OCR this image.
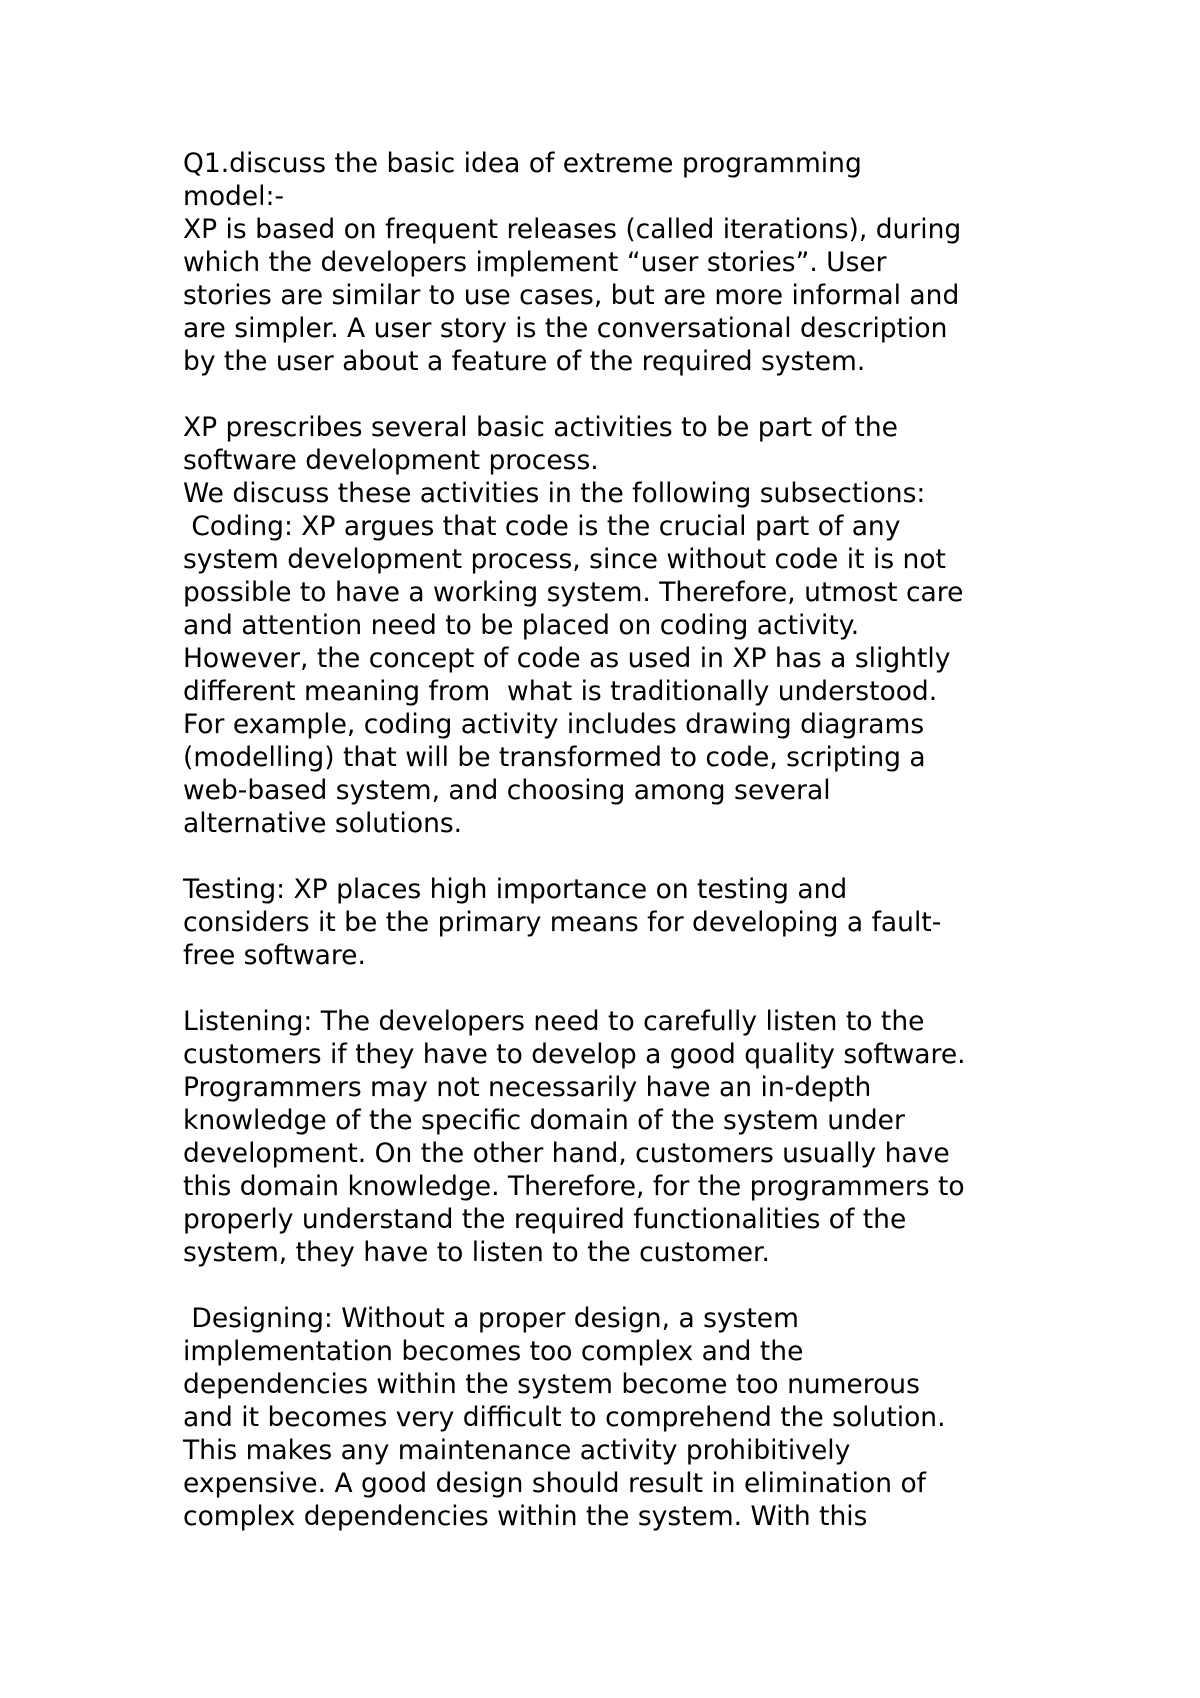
Q1.discuss the basic idea of extreme programming
model:-
XP is based on frequent releases (called iterations), during
which the developers implement “user stories”. User
stories are similar to use cases, but are more informal and
are simpler. A user story is the conversational description
by the user about a feature of the required system.
XP prescribes several basic activities to be part of the
software development process.
We discuss these activities in the following subsections:
Coding: XP argues that code is the crucial part of any
system development process, since without code it is not
possible to have a working system. Therefore, utmost care
and attention need to be placed on coding activity.
However, the concept of code as used in XP has a slightly
different meaning from  what is traditionally understood.
For example, coding activity includes drawing diagrams
(modelling) that will be transformed to code, scripting a
web-based system, and choosing among several
alternative solutions.
Testing: XP places high importance on testing and
considers it be the primary means for developing a fault-
free software.
Listening: The developers need to carefully listen to the
customers if they have to develop a good quality software.
Programmers may not necessarily have an in-depth
knowledge of the specific domain of the system under
development. On the other hand, customers usually have
this domain knowledge. Therefore, for the programmers to
properly understand the required functionalities of the
system, they have to listen to the customer.
Designing: Without a proper design, a system
implementation becomes too complex and the
dependencies within the system become too numerous
and it becomes very difficult to comprehend the solution.
This makes any maintenance activity prohibitively
expensive. A good design should result in elimination of
complex dependencies within the system. With this
